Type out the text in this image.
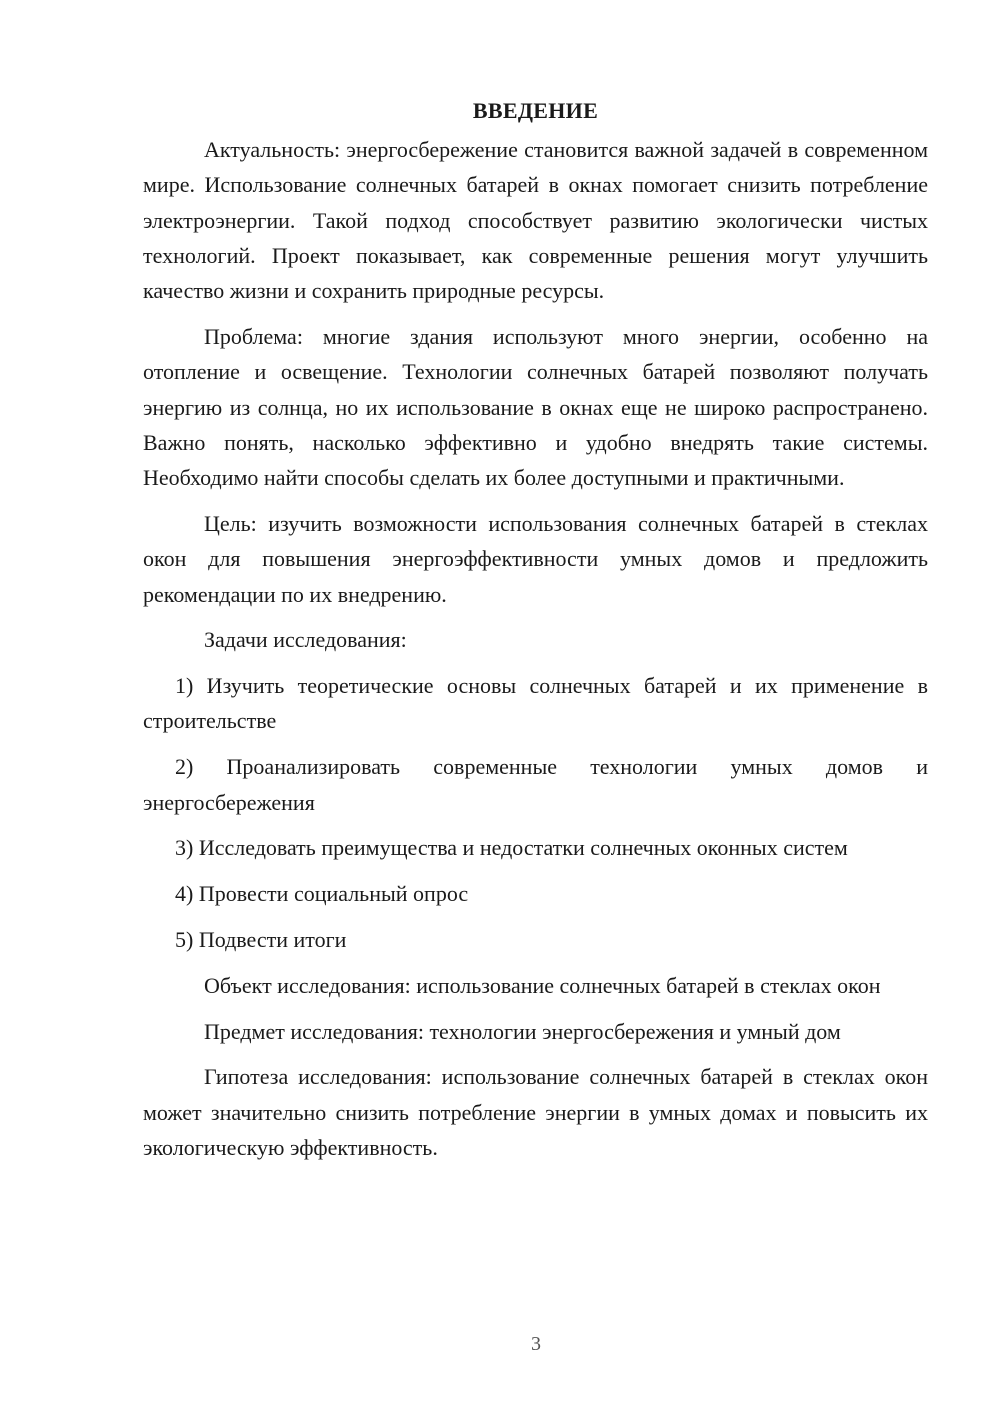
ВВЕДЕНИЕ

Актуальность: энергосбережение становится важной задачей в современном мире. Использование солнечных батарей в окнах помогает снизить потребление электроэнергии. Такой подход способствует развитию экологически чистых технологий. Проект показывает, как современные решения могут улучшить качество жизни и сохранить природные ресурсы.

Проблема: многие здания используют много энергии, особенно на отопление и освещение. Технологии солнечных батарей позволяют получать энергию из солнца, но их использование в окнах еще не широко распространено. Важно понять, насколько эффективно и удобно внедрять такие системы. Необходимо найти способы сделать их более доступными и практичными.

Цель: изучить возможности использования солнечных батарей в стеклах окон для повышения энергоэффективности умных домов и предложить рекомендации по их внедрению.

Задачи исследования:

1) Изучить теоретические основы солнечных батарей и их применение в строительстве

2) Проанализировать современные технологии умных домов и энергосбережения

3) Исследовать преимущества и недостатки солнечных оконных систем

4) Провести социальный опрос

5) Подвести итоги

Объект исследования: использование солнечных батарей в стеклах окон

Предмет исследования: технологии энергосбережения и умный дом

Гипотеза исследования: использование солнечных батарей в стеклах окон может значительно снизить потребление энергии в умных домах и повысить их экологическую эффективность.

3
